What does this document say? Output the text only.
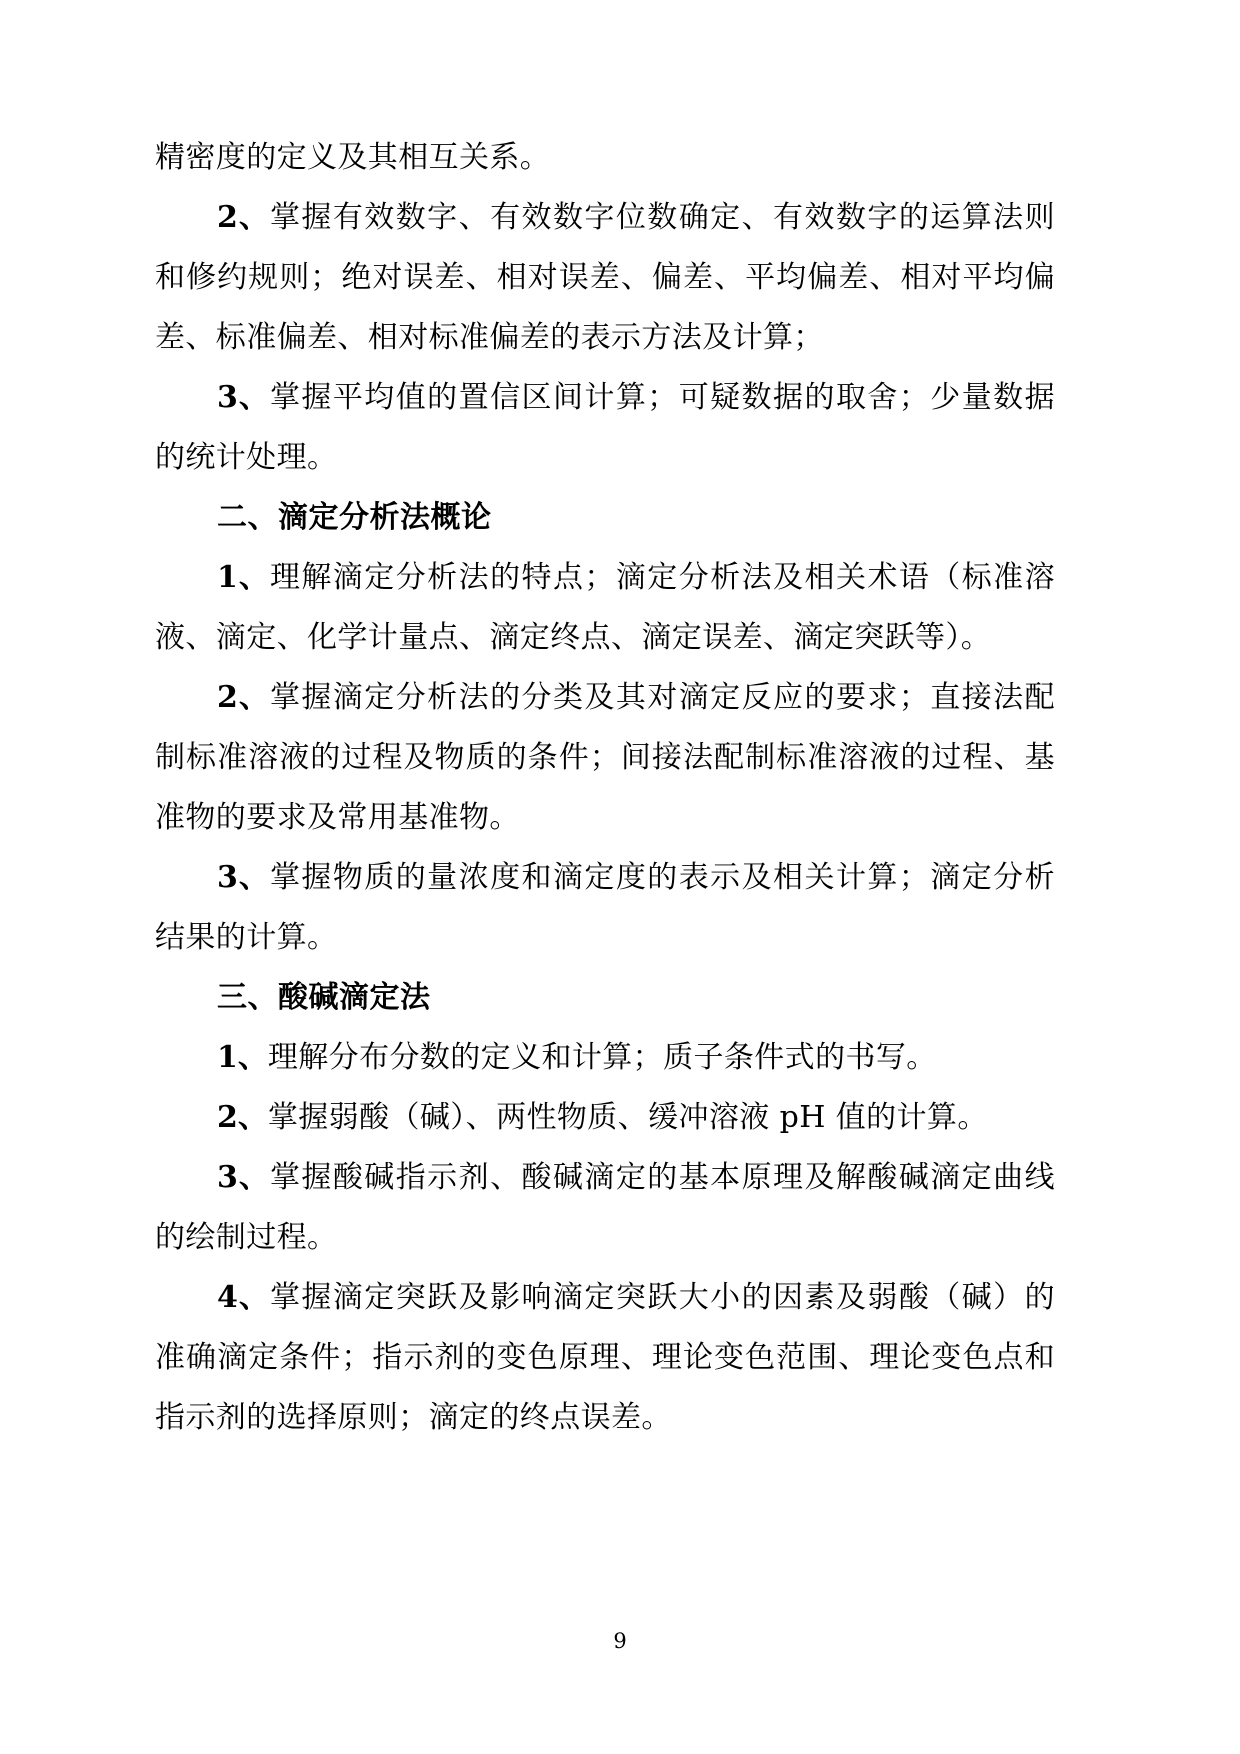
精密度的定义及其相互关系。

2、掌握有效数字、有效数字位数确定、有效数字的运算法则和修约规则；绝对误差、相对误差、偏差、平均偏差、相对平均偏差、标准偏差、相对标准偏差的表示方法及计算；

3、掌握平均值的置信区间计算；可疑数据的取舍；少量数据的统计处理。

二、滴定分析法概论

1、理解滴定分析法的特点；滴定分析法及相关术语（标准溶液、滴定、化学计量点、滴定终点、滴定误差、滴定突跃等）。

2、掌握滴定分析法的分类及其对滴定反应的要求；直接法配制标准溶液的过程及物质的条件；间接法配制标准溶液的过程、基准物的要求及常用基准物。

3、掌握物质的量浓度和滴定度的表示及相关计算；滴定分析结果的计算。

三、酸碱滴定法

1、理解分布分数的定义和计算；质子条件式的书写。

2、掌握弱酸（碱）、两性物质、缓冲溶液 pH 值的计算。

3、掌握酸碱指示剂、酸碱滴定的基本原理及解酸碱滴定曲线的绘制过程。

4、掌握滴定突跃及影响滴定突跃大小的因素及弱酸（碱）的准确滴定条件；指示剂的变色原理、理论变色范围、理论变色点和指示剂的选择原则；滴定的终点误差。

9
